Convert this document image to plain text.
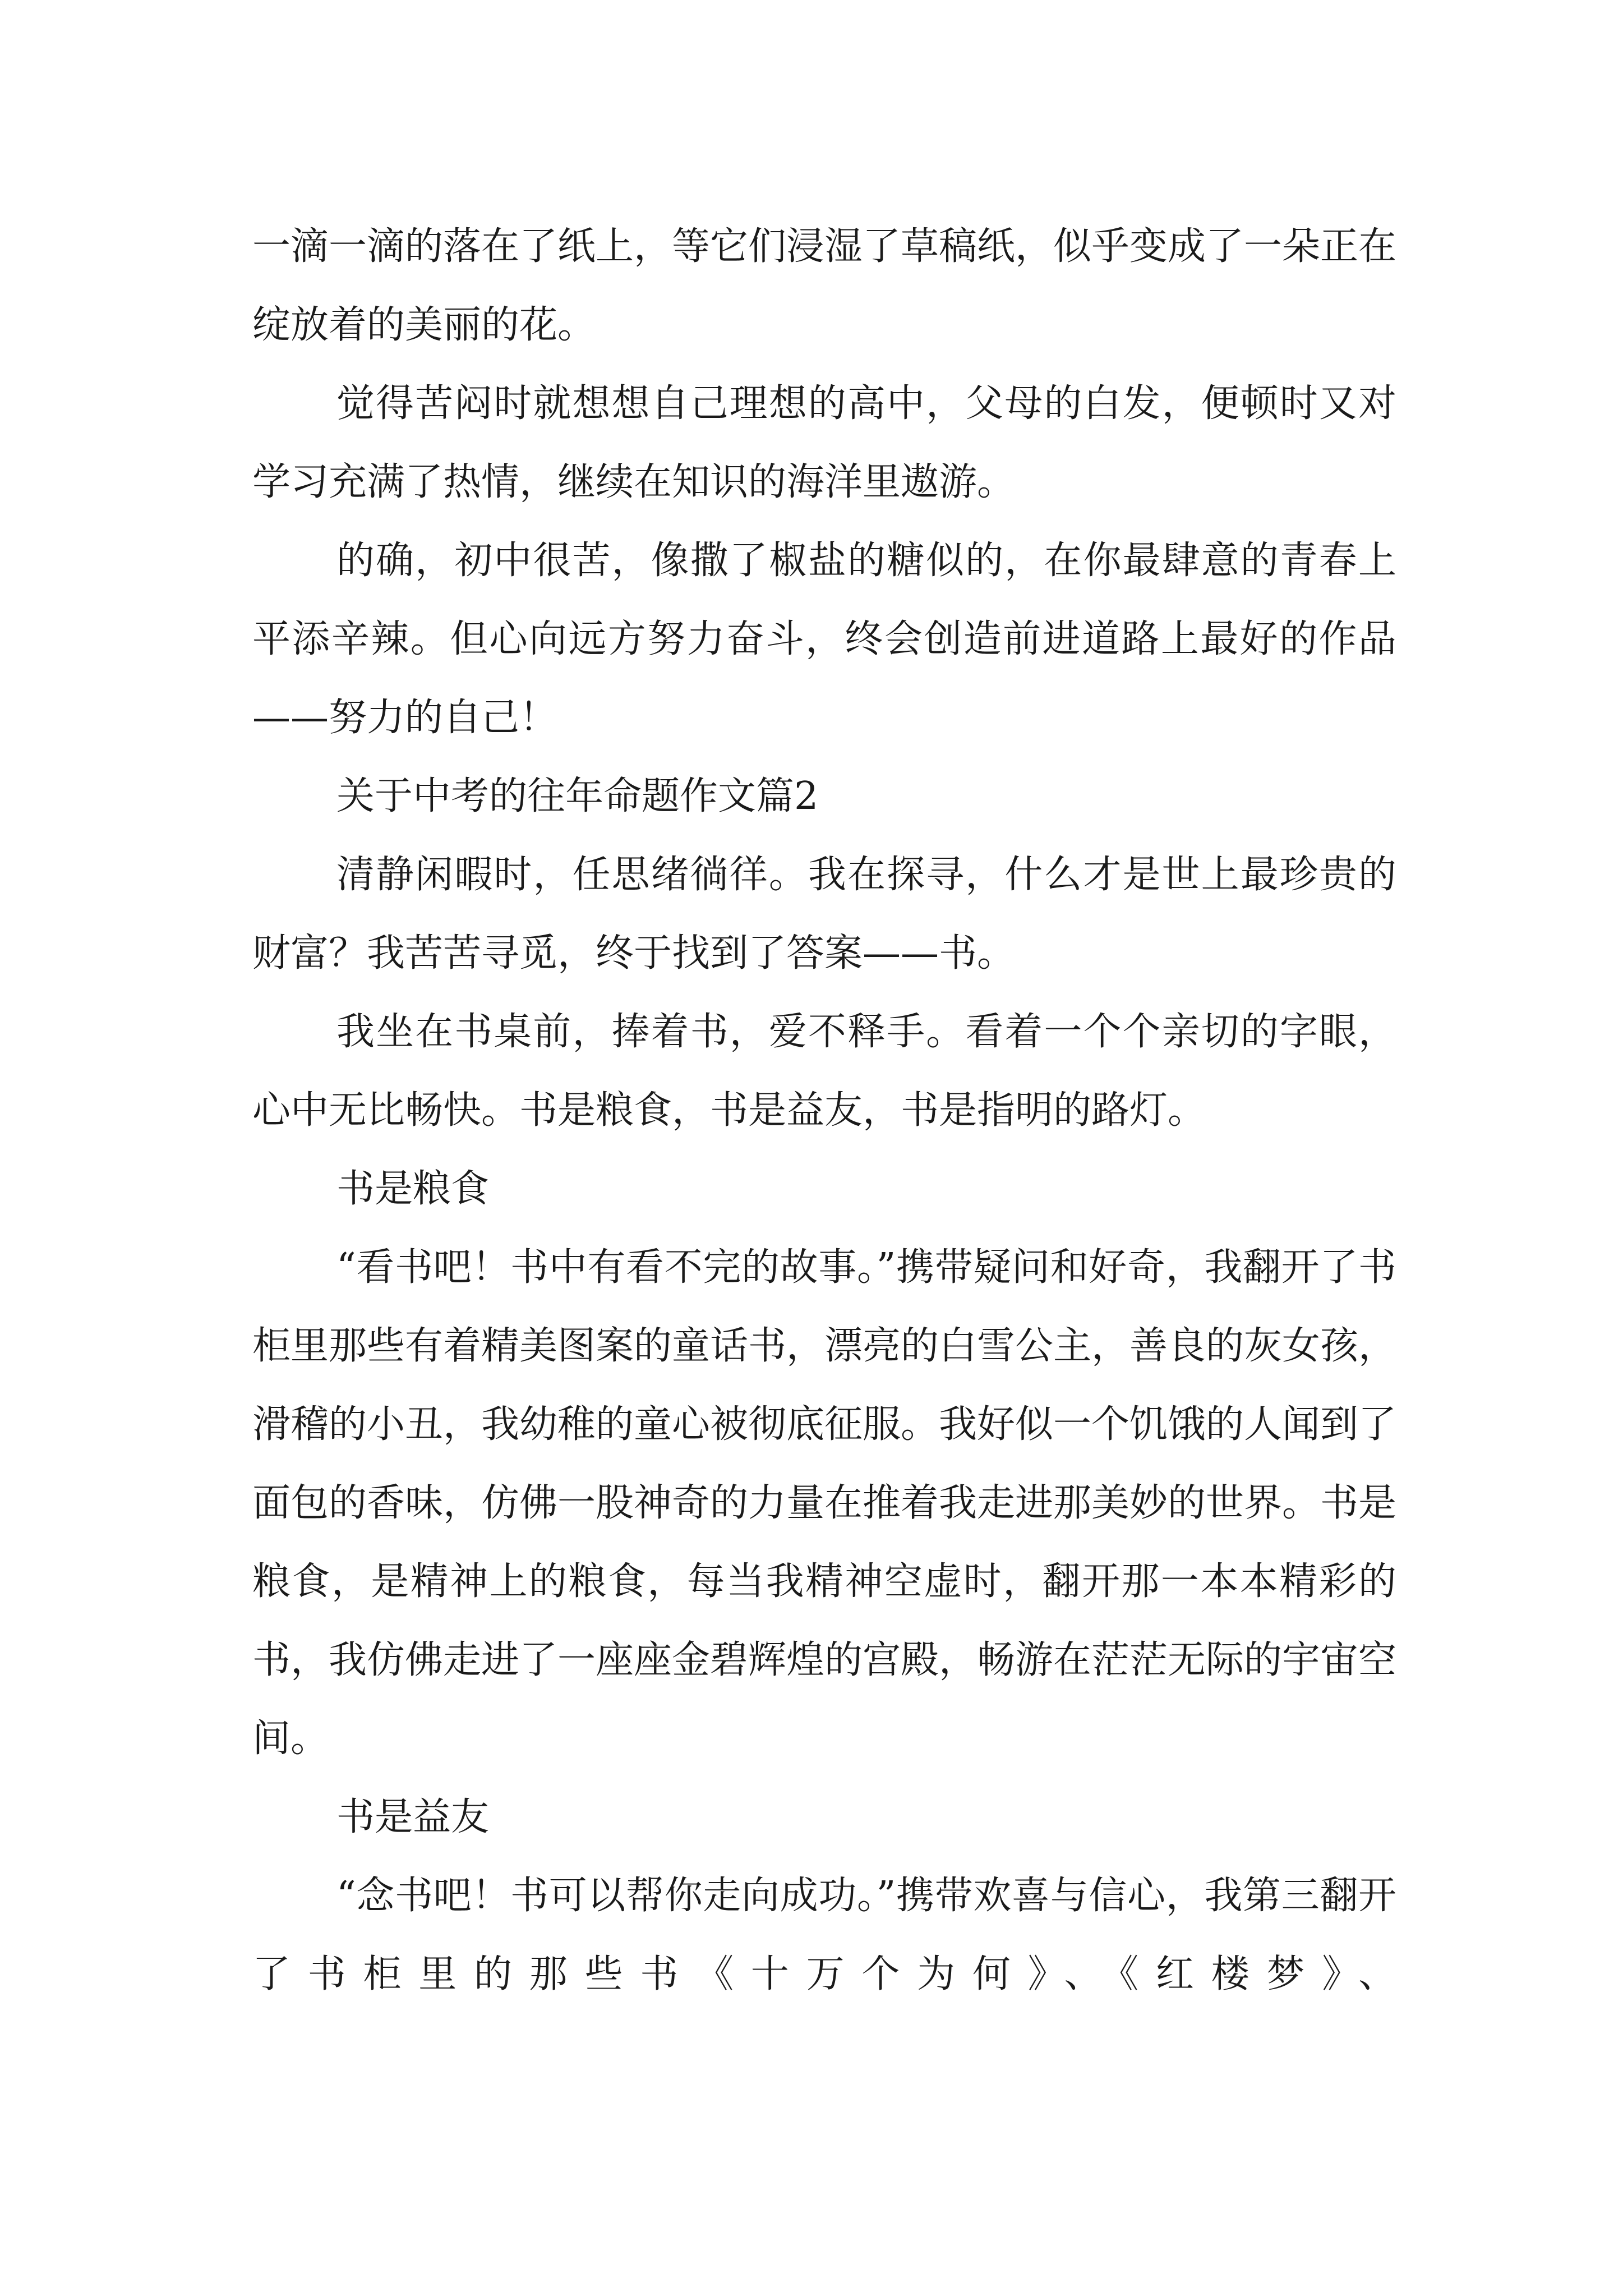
一滴一滴的落在了纸上，等它们浸湿了草稿纸，似乎变成了一朵正在绽放着的美丽的花。

觉得苦闷时就想想自己理想的高中，父母的白发，便顿时又对学习充满了热情，继续在知识的海洋里遨游。

的确，初中很苦，像撒了椒盐的糖似的，在你最肆意的青春上平添辛辣。但心向远方努力奋斗，终会创造前进道路上最好的作品——努力的自己！

关于中考的往年命题作文篇2

清静闲暇时，任思绪徜徉。我在探寻，什么才是世上最珍贵的财富？我苦苦寻觅，终于找到了答案——书。

我坐在书桌前，捧着书，爱不释手。看着一个个亲切的字眼，心中无比畅快。书是粮食，书是益友，书是指明的路灯。

书是粮食

“看书吧！书中有看不完的故事。”携带疑问和好奇，我翻开了书柜里那些有着精美图案的童话书，漂亮的白雪公主，善良的灰女孩，滑稽的小丑，我幼稚的童心被彻底征服。我好似一个饥饿的人闻到了面包的香味，仿佛一股神奇的力量在推着我走进那美妙的世界。书是粮食，是精神上的粮食，每当我精神空虚时，翻开那一本本精彩的书，我仿佛走进了一座座金碧辉煌的宫殿，畅游在茫茫无际的宇宙空间。

书是益友

“念书吧！书可以帮你走向成功。”携带欢喜与信心，我第三翻开了书柜里的那些书《十万个为何》、《红楼梦》、
